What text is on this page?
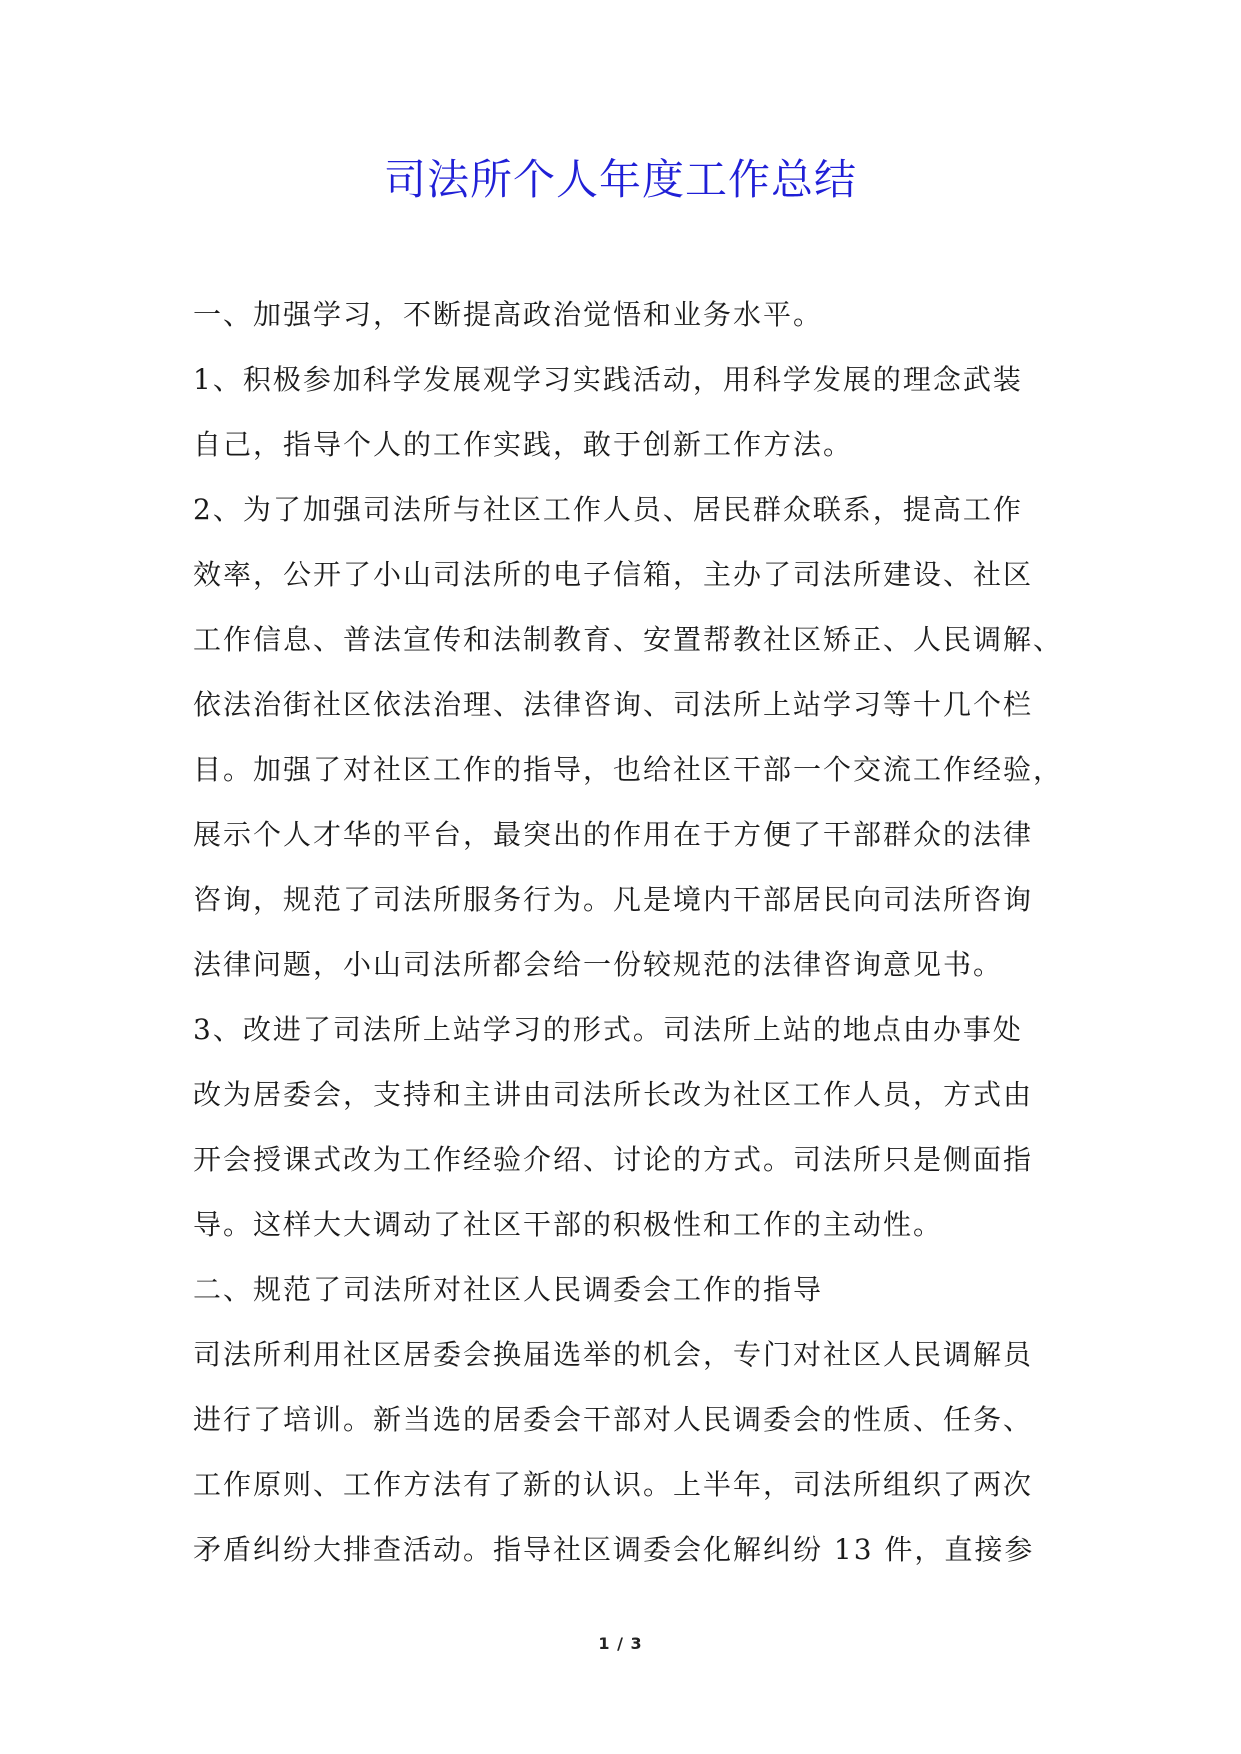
司法所个人年度工作总结
一、加强学习，不断提高政治觉悟和业务水平。
1、积极参加科学发展观学习实践活动，用科学发展的理念武装
自己，指导个人的工作实践，敢于创新工作方法。
2、为了加强司法所与社区工作人员、居民群众联系，提高工作
效率，公开了小山司法所的电子信箱，主办了司法所建设、社区
工作信息、普法宣传和法制教育、安置帮教社区矫正、人民调解、
依法治街社区依法治理、法律咨询、司法所上站学习等十几个栏
目。加强了对社区工作的指导，也给社区干部一个交流工作经验，
展示个人才华的平台，最突出的作用在于方便了干部群众的法律
咨询，规范了司法所服务行为。凡是境内干部居民向司法所咨询
法律问题，小山司法所都会给一份较规范的法律咨询意见书。
3、改进了司法所上站学习的形式。司法所上站的地点由办事处
改为居委会，支持和主讲由司法所长改为社区工作人员，方式由
开会授课式改为工作经验介绍、讨论的方式。司法所只是侧面指
导。这样大大调动了社区干部的积极性和工作的主动性。
二、规范了司法所对社区人民调委会工作的指导
司法所利用社区居委会换届选举的机会，专门对社区人民调解员
进行了培训。新当选的居委会干部对人民调委会的性质、任务、
工作原则、工作方法有了新的认识。上半年，司法所组织了两次
矛盾纠纷大排查活动。指导社区调委会化解纠纷 13 件，直接参
1 / 3
